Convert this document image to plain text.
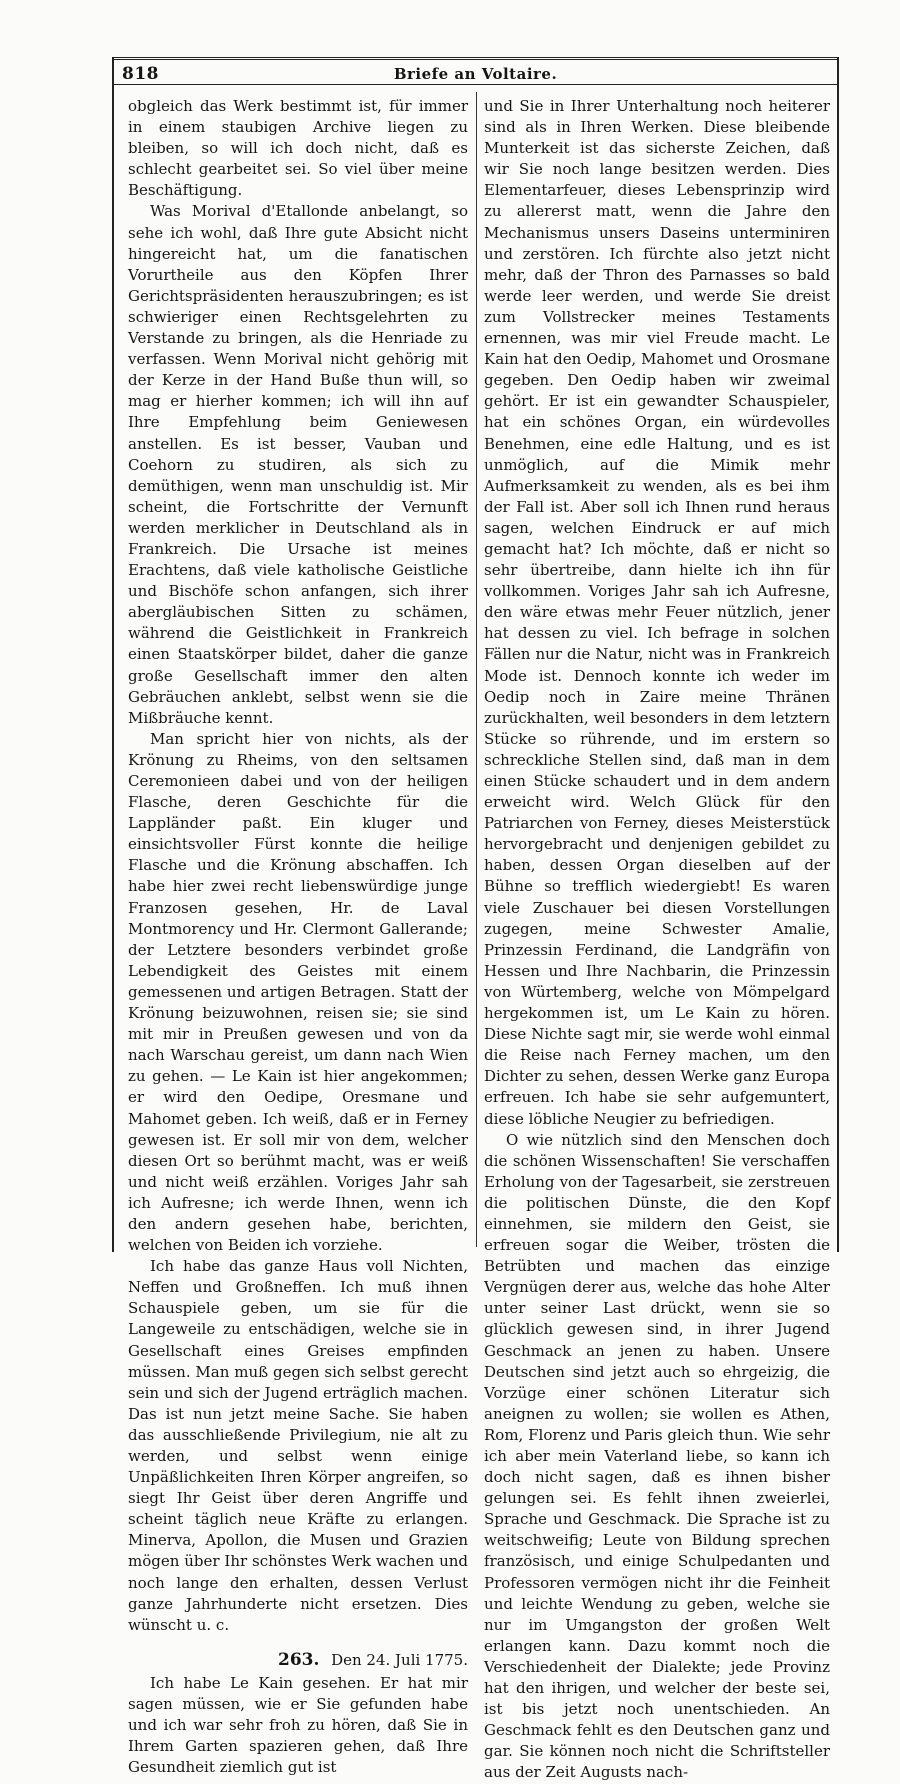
818	Briefe an Voltaire.

obgleich das Werk bestimmt ist, für immer in einem staubigen Archive liegen zu bleiben, so will ich doch nicht, daß es schlecht gearbeitet sei. So viel über meine Beschäftigung.

Was Morival d'Etallonde anbelangt, so sehe ich wohl, daß Ihre gute Absicht nicht hingereicht hat, um die fanatischen Vorurtheile aus den Köpfen Ihrer Gerichtspräsidenten herauszubringen; es ist schwieriger einen Rechtsgelehrten zu Verstande zu bringen, als die Henriade zu verfassen. Wenn Morival nicht gehörig mit der Kerze in der Hand Buße thun will, so mag er hierher kommen; ich will ihn auf Ihre Empfehlung beim Geniewesen anstellen. Es ist besser, Vauban und Coehorn zu studiren, als sich zu demüthigen, wenn man unschuldig ist. Mir scheint, die Fortschritte der Vernunft werden merklicher in Deutschland als in Frankreich. Die Ursache ist meines Erachtens, daß viele katholische Geistliche und Bischöfe schon anfangen, sich ihrer abergläubischen Sitten zu schämen, während die Geistlichkeit in Frankreich einen Staatskörper bildet, daher die ganze große Gesellschaft immer den alten Gebräuchen anklebt, selbst wenn sie die Mißbräuche kennt.

Man spricht hier von nichts, als der Krönung zu Rheims, von den seltsamen Ceremonieen dabei und von der heiligen Flasche, deren Geschichte für die Lappländer paßt. Ein kluger und einsichtsvoller Fürst konnte die heilige Flasche und die Krönung abschaffen. Ich habe hier zwei recht liebenswürdige junge Franzosen gesehen, Hr. de Laval Montmorency und Hr. Clermont Gallerande; der Letztere besonders verbindet große Lebendigkeit des Geistes mit einem gemessenen und artigen Betragen. Statt der Krönung beizuwohnen, reisen sie; sie sind mit mir in Preußen gewesen und von da nach Warschau gereist, um dann nach Wien zu gehen. — Le Kain ist hier angekommen; er wird den Oedipe, Oresmane und Mahomet geben. Ich weiß, daß er in Ferney gewesen ist. Er soll mir von dem, welcher diesen Ort so berühmt macht, was er weiß und nicht weiß erzählen. Voriges Jahr sah ich Aufresne; ich werde Ihnen, wenn ich den andern gesehen habe, berichten, welchen von Beiden ich vorziehe.

Ich habe das ganze Haus voll Nichten, Neffen und Großneffen. Ich muß ihnen Schauspiele geben, um sie für die Langeweile zu entschädigen, welche sie in Gesellschaft eines Greises empfinden müssen. Man muß gegen sich selbst gerecht sein und sich der Jugend erträglich machen. Das ist nun jetzt meine Sache. Sie haben das ausschließende Privilegium, nie alt zu werden, und selbst wenn einige Unpäßlichkeiten Ihren Körper angreifen, so siegt Ihr Geist über deren Angriffe und scheint täglich neue Kräfte zu erlangen. Minerva, Apollon, die Musen und Grazien mögen über Ihr schönstes Werk wachen und noch lange den erhalten, dessen Verlust ganze Jahrhunderte nicht ersetzen. Dies wünscht u. c.

263. Den 24. Juli 1775.

Ich habe Le Kain gesehen. Er hat mir sagen müssen, wie er Sie gefunden habe und ich war sehr froh zu hören, daß Sie in Ihrem Garten spazieren gehen, daß Ihre Gesundheit ziemlich gut ist

und Sie in Ihrer Unterhaltung noch heiterer sind als in Ihren Werken. Diese bleibende Munterkeit ist das sicherste Zeichen, daß wir Sie noch lange besitzen werden. Dies Elementarfeuer, dieses Lebensprinzip wird zu allererst matt, wenn die Jahre den Mechanismus unsers Daseins unterminiren und zerstören. Ich fürchte also jetzt nicht mehr, daß der Thron des Parnasses so bald werde leer werden, und werde Sie dreist zum Vollstrecker meines Testaments ernennen, was mir viel Freude macht. Le Kain hat den Oedip, Mahomet und Orosmane gegeben. Den Oedip haben wir zweimal gehört. Er ist ein gewandter Schauspieler, hat ein schönes Organ, ein würdevolles Benehmen, eine edle Haltung, und es ist unmöglich, auf die Mimik mehr Aufmerksamkeit zu wenden, als es bei ihm der Fall ist. Aber soll ich Ihnen rund heraus sagen, welchen Eindruck er auf mich gemacht hat? Ich möchte, daß er nicht so sehr übertreibe, dann hielte ich ihn für vollkommen. Voriges Jahr sah ich Aufresne, den wäre etwas mehr Feuer nützlich, jener hat dessen zu viel. Ich befrage in solchen Fällen nur die Natur, nicht was in Frankreich Mode ist. Dennoch konnte ich weder im Oedip noch in Zaire meine Thränen zurückhalten, weil besonders in dem letztern Stücke so rührende, und im erstern so schreckliche Stellen sind, daß man in dem einen Stücke schaudert und in dem andern erweicht wird. Welch Glück für den Patriarchen von Ferney, dieses Meisterstück hervorgebracht und denjenigen gebildet zu haben, dessen Organ dieselben auf der Bühne so trefflich wiedergiebt! Es waren viele Zuschauer bei diesen Vorstellungen zugegen, meine Schwester Amalie, Prinzessin Ferdinand, die Landgräfin von Hessen und Ihre Nachbarin, die Prinzessin von Würtemberg, welche von Mömpelgard hergekommen ist, um Le Kain zu hören. Diese Nichte sagt mir, sie werde wohl einmal die Reise nach Ferney machen, um den Dichter zu sehen, dessen Werke ganz Europa erfreuen. Ich habe sie sehr aufgemuntert, diese löbliche Neugier zu befriedigen.

O wie nützlich sind den Menschen doch die schönen Wissenschaften! Sie verschaffen Erholung von der Tagesarbeit, sie zerstreuen die politischen Dünste, die den Kopf einnehmen, sie mildern den Geist, sie erfreuen sogar die Weiber, trösten die Betrübten und machen das einzige Vergnügen derer aus, welche das hohe Alter unter seiner Last drückt, wenn sie so glücklich gewesen sind, in ihrer Jugend Geschmack an jenen zu haben. Unsere Deutschen sind jetzt auch so ehrgeizig, die Vorzüge einer schönen Literatur sich aneignen zu wollen; sie wollen es Athen, Rom, Florenz und Paris gleich thun. Wie sehr ich aber mein Vaterland liebe, so kann ich doch nicht sagen, daß es ihnen bisher gelungen sei. Es fehlt ihnen zweierlei, Sprache und Geschmack. Die Sprache ist zu weitschweifig; Leute von Bildung sprechen französisch, und einige Schulpedanten und Professoren vermögen nicht ihr die Feinheit und leichte Wendung zu geben, welche sie nur im Umgangston der großen Welt erlangen kann. Dazu kommt noch die Verschiedenheit der Dialekte; jede Provinz hat den ihrigen, und welcher der beste sei, ist bis jetzt noch unentschieden. An Geschmack fehlt es den Deutschen ganz und gar. Sie können noch nicht die Schriftsteller aus der Zeit Augusts nach-
